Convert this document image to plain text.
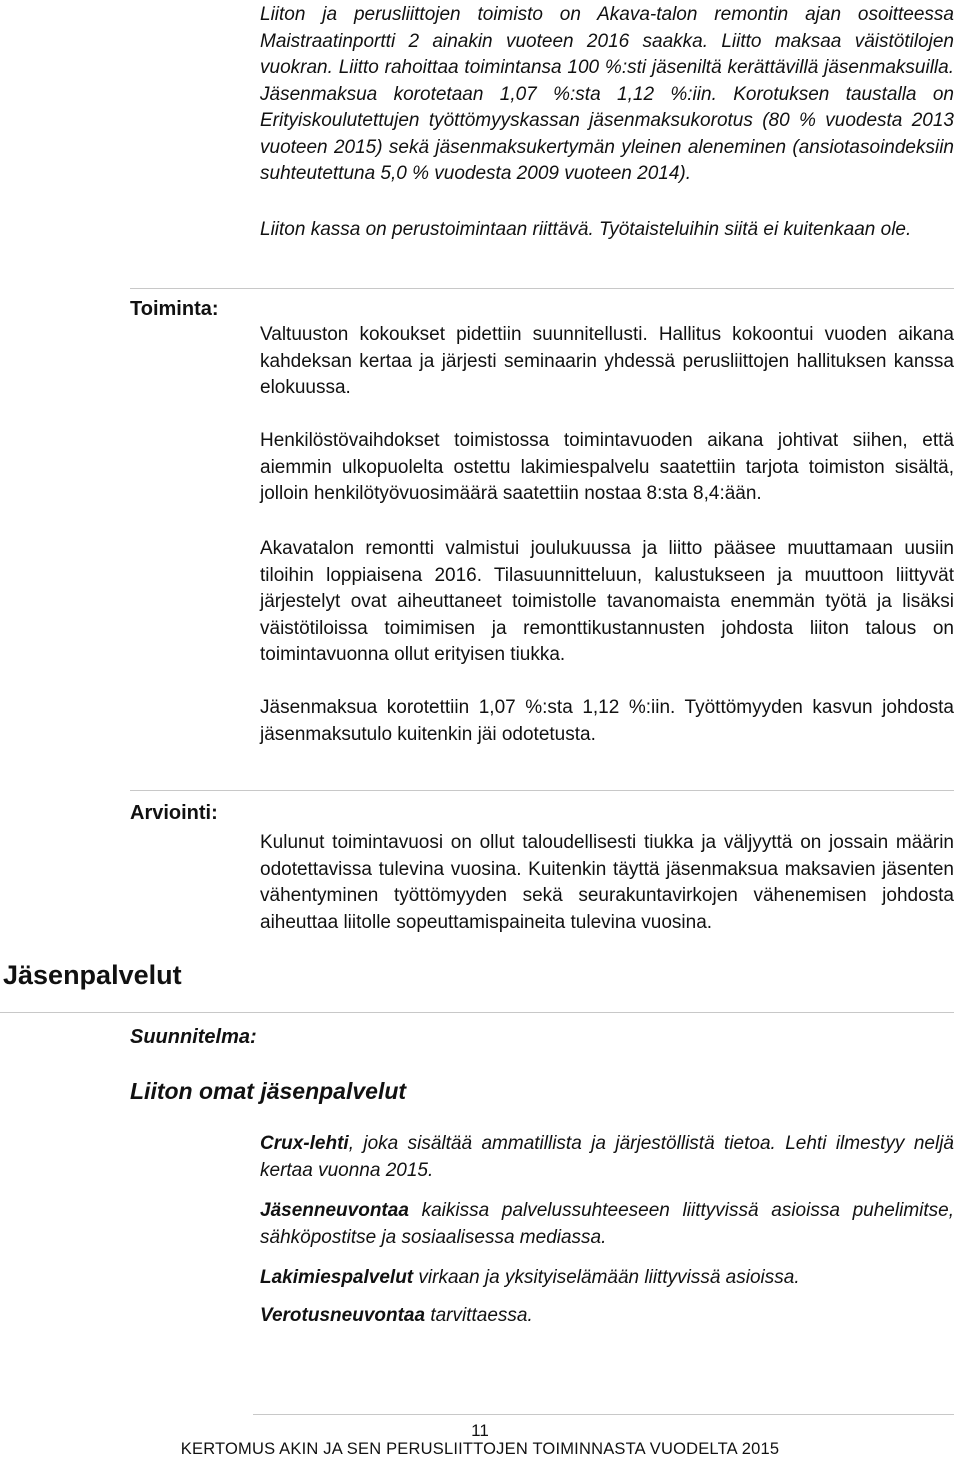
Liiton ja perusliittojen toimisto on Akava-talon remontin ajan osoitteessa Maistraatinportti 2 ainakin vuoteen 2016 saakka. Liitto maksaa väistötilojen vuokran. Liitto rahoittaa toimintansa 100 %:sti jäseniltä kerättävillä jäsenmaksuilla. Jäsenmaksua korotetaan 1,07 %:sta 1,12 %:iin. Korotuksen taustalla on Erityiskoulutettujen työttömyyskassan jäsenmaksukorotus (80 % vuodesta 2013 vuoteen 2015) sekä jäsenmaksukertymän yleinen aleneminen (ansiotasoindeksiin suhteutettuna 5,0 % vuodesta 2009 vuoteen 2014).
Liiton kassa on perustoimintaan riittävä. Työtaisteluihin siitä ei kuitenkaan ole.
Toiminta:
Valtuuston kokoukset pidettiin suunnitellusti. Hallitus kokoontui vuoden aikana kahdeksan kertaa ja järjesti seminaarin yhdessä perusliittojen hallituksen kanssa elokuussa.
Henkilöstövaihdokset toimistossa toimintavuoden aikana johtivat siihen, että aiemmin ulkopuolelta ostettu lakimiespalvelu saatettiin tarjota toimiston sisältä, jolloin henkilötyövuosimäärä saatettiin nostaa 8:sta 8,4:ään.
Akavatalon remontti valmistui joulukuussa ja liitto pääsee muuttamaan uusiin tiloihin loppiaisena 2016. Tilasuunnitteluun, kalustukseen ja muuttoon liittyvät järjestelyt ovat aiheuttaneet toimistolle tavanomaista enemmän työtä ja lisäksi väistötiloissa toimimisen ja remonttikustannusten johdosta liiton talous on toimintavuonna ollut erityisen tiukka.
Jäsenmaksua korotettiin 1,07 %:sta 1,12 %:iin. Työttömyyden kasvun johdosta jäsenmaksutulo kuitenkin jäi odotetusta.
Arviointi:
Kulunut toimintavuosi on ollut taloudellisesti tiukka ja väljyyttä on jossain määrin odotettavissa tulevina vuosina. Kuitenkin täyttä jäsenmaksua maksavien jäsenten vähentyminen työttömyyden sekä seurakuntavirkojen vähenemisen johdosta aiheuttaa liitolle sopeuttamispaineita tulevina vuosina.
Jäsenpalvelut
Suunnitelma:
Liiton omat jäsenpalvelut
Crux-lehti, joka sisältää ammatillista ja järjestöllistä tietoa. Lehti ilmestyy neljä kertaa vuonna 2015.
Jäsenneuvontaa kaikissa palvelussuhteeseen liittyvissä asioissa puhelimitse, sähköpostitse ja sosiaalisessa mediassa.
Lakimiespalvelut virkaan ja yksityiselämään liittyvissä asioissa.
Verotusneuvontaa tarvittaessa.
11
KERTOMUS AKIN JA SEN PERUSLIITTOJEN TOIMINNASTA VUODELTA 2015
